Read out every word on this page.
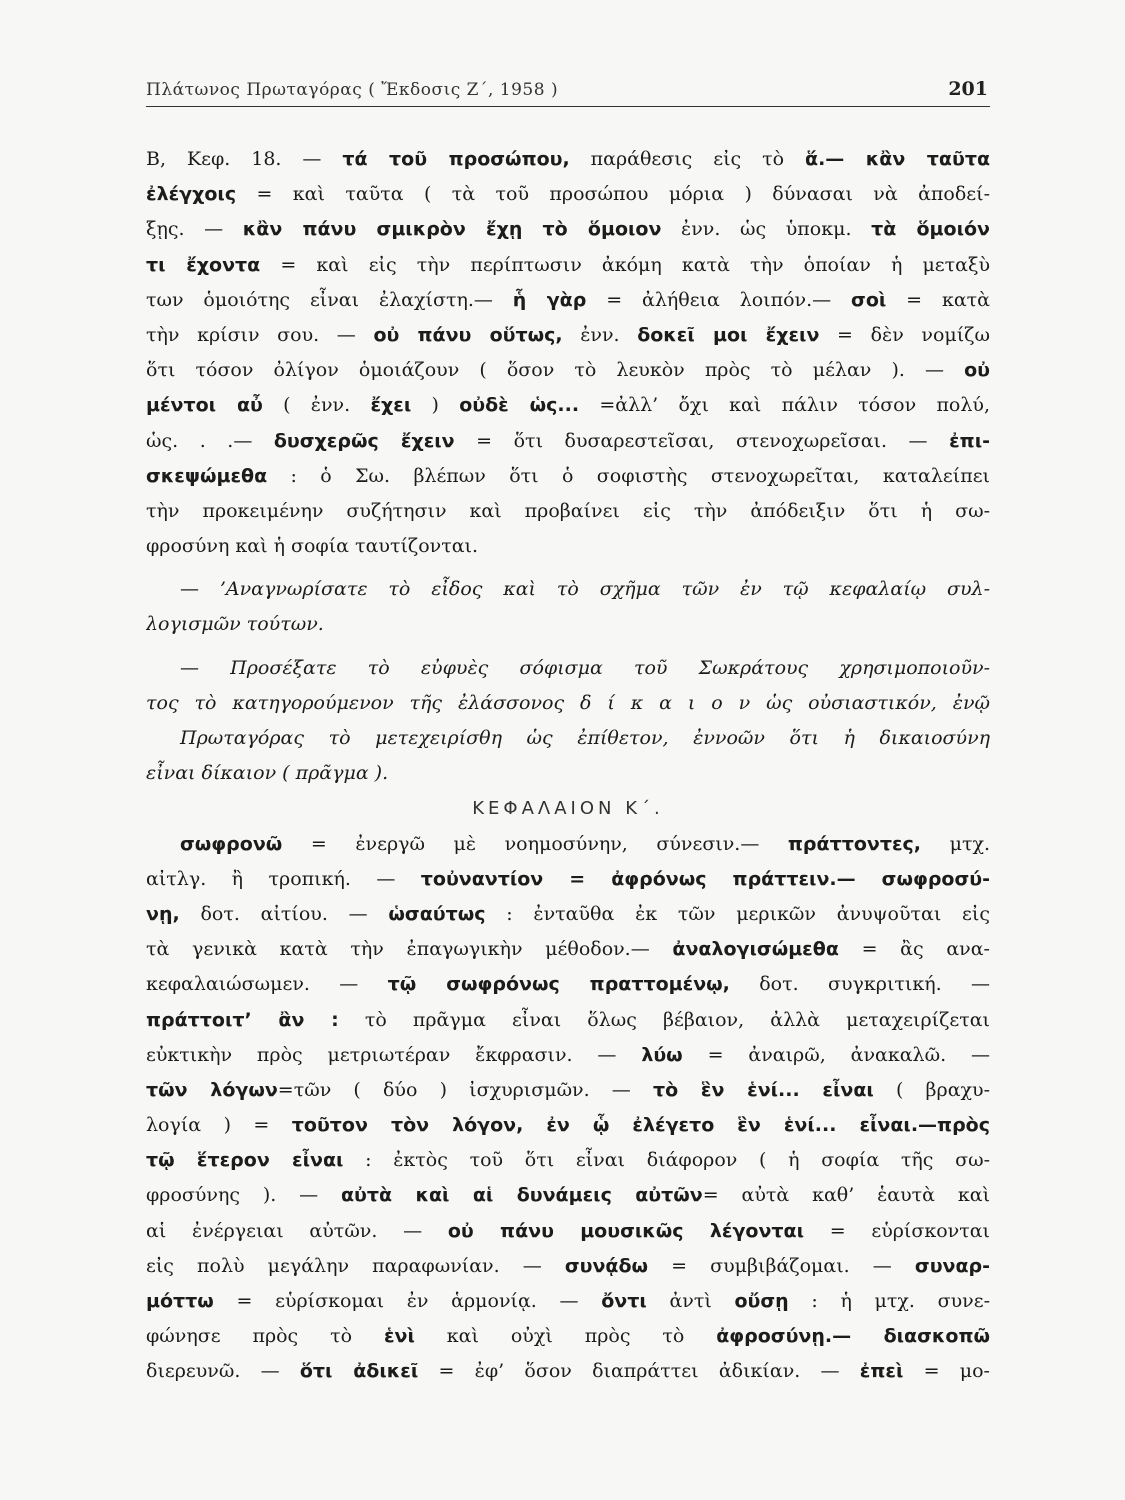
Πλάτωνος Πρωταγόρας ( Ἔκδοσις Ζ΄, 1958 )	201
Β, Κεφ. 18. — τά τοῦ προσώπου, παράθεσις εἰς τὸ ἅ.— κἂν ταῦτα
ἐλέγχοις = καὶ ταῦτα ( τὰ τοῦ προσώπου μόρια ) δύνασαι νὰ ἀποδεί-
ξῃς. — κἂν πάνυ σμικρὸν ἔχῃ τὸ ὅμοιον ἐνν. ὡς ὑποκμ. τὰ ὅμοιόν
τι ἔχοντα = καὶ εἰς τὴν περίπτωσιν ἀκόμη κατὰ τὴν ὁποίαν ἡ μεταξὺ
των ὁμοιότης εἶναι ἐλαχίστη.— ἧ γὰρ = ἀλήθεια λοιπόν.— σοὶ = κατὰ
τὴν κρίσιν σου. — οὐ πάνυ οὕτως, ἐνν. δοκεῖ μοι ἔχειν = δὲν νομίζω
ὅτι τόσον ὀλίγον ὁμοιάζουν ( ὅσον τὸ λευκὸν πρὸς τὸ μέλαν ). — οὐ
μέντοι αὖ ( ἐνν. ἔχει ) οὐδὲ ὡς... =ἀλλ’ ὄχι καὶ πάλιν τόσον πολύ,
ὡς. . .— δυσχερῶς ἔχειν = ὅτι δυσαρεστεῖσαι, στενοχωρεῖσαι. — ἐπι-
σκεψώμεθα : ὁ Σω. βλέπων ὅτι ὁ σοφιστὴς στενοχωρεῖται, καταλείπει
τὴν προκειμένην συζήτησιν καὶ προβαίνει εἰς τὴν ἀπόδειξιν ὅτι ἡ σω-
φροσύνη καὶ ἡ σοφία ταυτίζονται.
— ’Αναγνωρίσατε τὸ εἶδος καὶ τὸ σχῆμα τῶν ἐν τῷ κεφαλαίῳ συλ-
λογισμῶν τούτων.
— Προσέξατε τὸ εὐφυὲς σόφισμα τοῦ Σωκράτους χρησιμοποιοῦν-
τος τὸ κατηγορούμενον τῆς ἐλάσσονος δ ί κ α ι ο ν ὡς οὐσιαστικόν, ἐνῷ
Πρωταγόρας τὸ μετεχειρίσθη ὡς ἐπίθετον, ἐννοῶν ὅτι ἡ δικαιοσύνη
εἶναι δίκαιον ( πρᾶγμα ).
ΚΕΦΑΛΑΙΟΝ Κ΄.
σωφρονῶ = ἐνεργῶ μὲ νοημοσύνην, σύνεσιν.— πράττοντες, μτχ.
αἰτλγ. ἢ τροπική. — τοὐναντίον = ἀφρόνως πράττειν.— σωφροσύ-
νῃ, δοτ. αἰτίου. — ὡσαύτως : ἐνταῦθα ἐκ τῶν μερικῶν ἀνυψοῦται εἰς
τὰ γενικὰ κατὰ τὴν ἐπαγωγικὴν μέθοδον.— ἀναλογισώμεθα = ἂς ανα-
κεφαλαιώσωμεν. — τῷ σωφρόνως πραττομένῳ, δοτ. συγκριτική. —
πράττοιτ’ ἂν : τὸ πρᾶγμα εἶναι ὅλως βέβαιον, ἀλλὰ μεταχειρίζεται
εὐκτικὴν πρὸς μετριωτέραν ἔκφρασιν. — λύω = ἀναιρῶ, ἀνακαλῶ. —
τῶν λόγων=τῶν ( δύο ) ἰσχυρισμῶν. — τὸ ἓν ἑνί... εἶναι ( βραχυ-
λογία ) = τοῦτον τὸν λόγον, ἐν ᾧ ἐλέγετο ἓν ἑνί... εἶναι.—πρὸς
τῷ ἕτερον εἶναι : ἐκτὸς τοῦ ὅτι εἶναι διάφορον ( ἡ σοφία τῆς σω-
φροσύνης ). — αὐτὰ καὶ αἱ δυνάμεις αὐτῶν= αὐτὰ καθ’ ἑαυτὰ καὶ
αἱ ἐνέργειαι αὐτῶν. — οὐ πάνυ μουσικῶς λέγονται = εὑρίσκονται
εἰς πολὺ μεγάλην παραφωνίαν. — συνᾴδω = συμβιβάζομαι. — συναρ-
μόττω = εὑρίσκομαι ἐν ἁρμονίᾳ. — ὄντι ἀντὶ οὔσῃ : ἡ μτχ. συνε-
φώνησε πρὸς τὸ ἑνὶ καὶ οὐχὶ πρὸς τὸ ἀφροσύνῃ.— διασκοπῶ
διερευνῶ. — ὅτι ἀδικεῖ = ἐφ’ ὅσον διαπράττει ἀδικίαν. — ἐπεὶ = μο-
